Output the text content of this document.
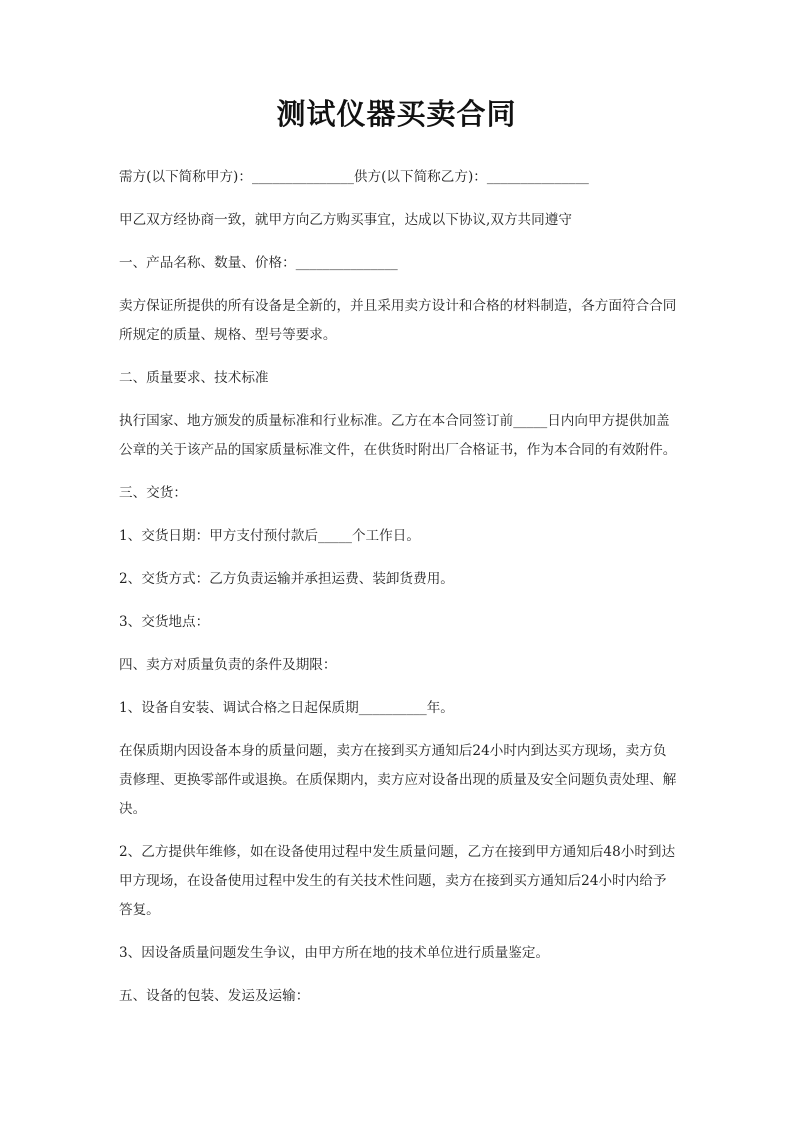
测试仪器买卖合同

需方(以下简称甲方)：_______________供方(以下简称乙方)：_______________

甲乙双方经协商一致，就甲方向乙方购买事宜，达成以下协议,双方共同遵守

一、产品名称、数量、价格：_______________

卖方保证所提供的所有设备是全新的，并且采用卖方设计和合格的材料制造，各方面符合合同所规定的质量、规格、型号等要求。

二、质量要求、技术标准

执行国家、地方颁发的质量标准和行业标准。乙方在本合同签订前_____日内向甲方提供加盖公章的关于该产品的国家质量标准文件，在供货时附出厂合格证书，作为本合同的有效附件。

三、交货：

1、交货日期：甲方支付预付款后_____个工作日。

2、交货方式：乙方负责运输并承担运费、装卸货费用。

3、交货地点：

四、卖方对质量负责的条件及期限：

1、设备自安装、调试合格之日起保质期__________年。

在保质期内因设备本身的质量问题，卖方在接到买方通知后24小时内到达买方现场，卖方负责修理、更换零部件或退换。在质保期内，卖方应对设备出现的质量及安全问题负责处理、解决。

2、乙方提供年维修，如在设备使用过程中发生质量问题，乙方在接到甲方通知后48小时到达甲方现场，在设备使用过程中发生的有关技术性问题，卖方在接到买方通知后24小时内给予答复。

3、因设备质量问题发生争议，由甲方所在地的技术单位进行质量鉴定。

五、设备的包装、发运及运输：
